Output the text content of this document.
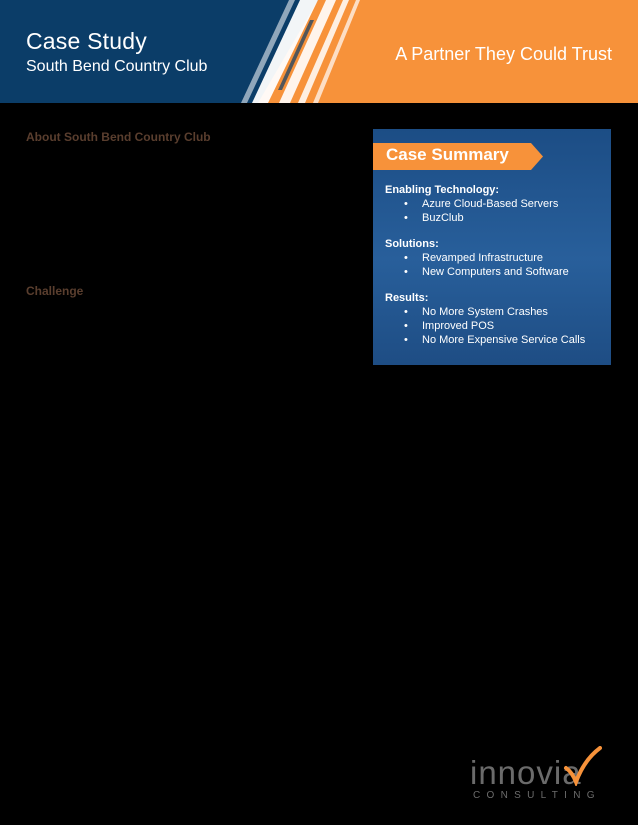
Case Study
South Bend Country Club
A Partner They Could Trust
About South Bend Country Club
Challenge
Case Summary

Enabling Technology:

• Azure Cloud-Based Servers
• BuzClub

Solutions:

• Revamped Infrastructure
• New Computers and Software

Results:

• No More System Crashes
• Improved POS
• No More Expensive Service Calls
innovia
CONSULTING
